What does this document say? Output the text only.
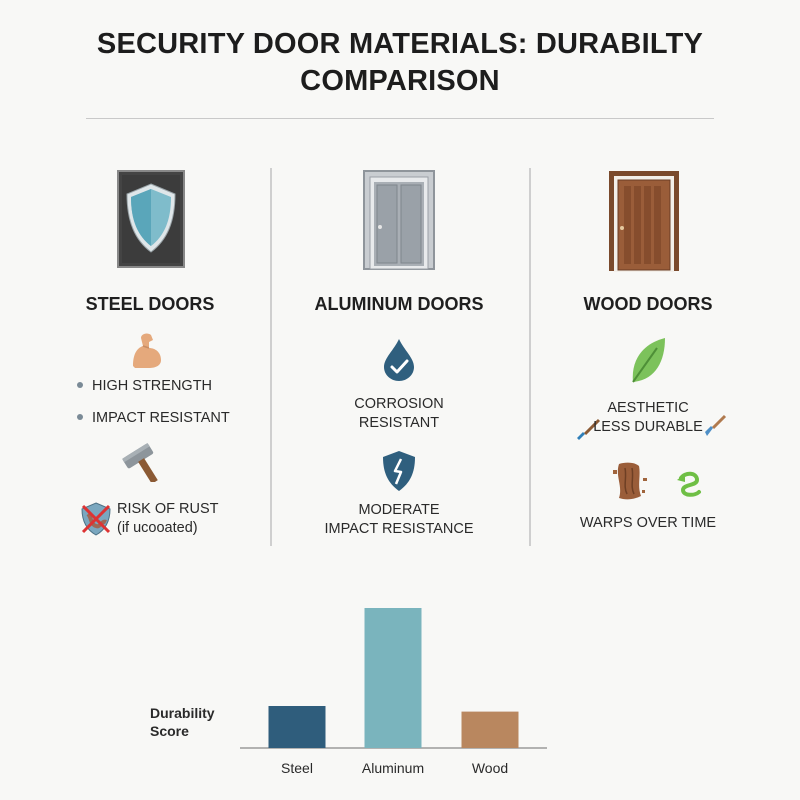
SECURITY DOOR MATERIALS: DURABILTY COMPARISON
STEEL DOORS
HIGH STRENGTH
IMPACT RESISTANT
RISK OF RUST
(if ucooated)
ALUMINUM DOORS
CORROSION
RESISTANT
MODERATE
IMPACT RESISTANCE
WOOD DOORS
AESTHETIC
LESS DURABLE
WARPS OVER TIME
Durability Score
Steel	Aluminum	Wood
